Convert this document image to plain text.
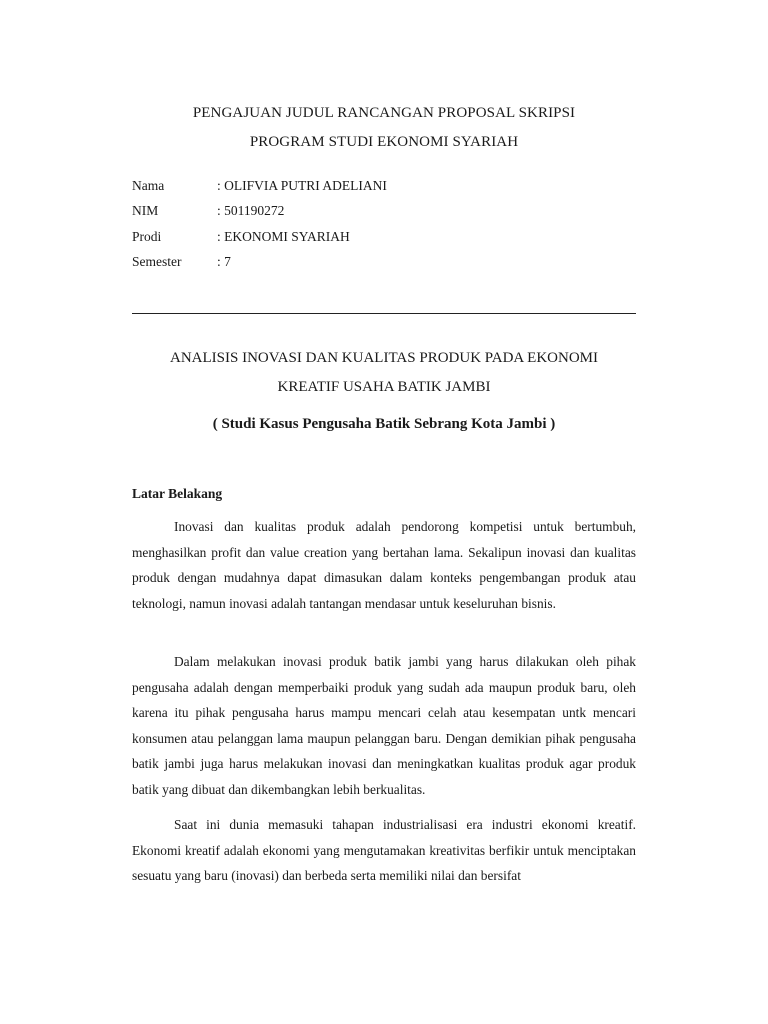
PENGAJUAN JUDUL RANCANGAN PROPOSAL SKRIPSI
PROGRAM STUDI EKONOMI SYARIAH
Nama	: OLIFVIA PUTRI ADELIANI
NIM	: 501190272
Prodi	: EKONOMI SYARIAH
Semester	: 7
ANALISIS INOVASI DAN KUALITAS PRODUK PADA EKONOMI
KREATIF USAHA BATIK JAMBI
( Studi Kasus Pengusaha Batik Sebrang Kota Jambi )
Latar Belakang

Inovasi dan kualitas produk adalah pendorong kompetisi untuk bertumbuh, menghasilkan profit dan value creation yang bertahan lama. Sekalipun inovasi dan kualitas produk dengan mudahnya dapat dimasukan dalam konteks pengembangan produk atau teknologi, namun inovasi adalah tantangan mendasar untuk keseluruhan bisnis.

Dalam melakukan inovasi produk batik jambi yang harus dilakukan oleh pihak pengusaha adalah dengan memperbaiki produk yang sudah ada maupun produk baru, oleh karena itu pihak pengusaha harus mampu mencari celah atau kesempatan untk mencari konsumen atau pelanggan lama maupun pelanggan baru. Dengan demikian pihak pengusaha batik jambi juga harus melakukan inovasi dan meningkatkan kualitas produk agar produk batik yang dibuat dan dikembangkan lebih berkualitas.

Saat ini dunia memasuki tahapan industrialisasi era industri ekonomi kreatif. Ekonomi kreatif adalah ekonomi yang mengutamakan kreativitas berfikir untuk menciptakan sesuatu yang baru (inovasi) dan berbeda serta memiliki nilai dan bersifat
